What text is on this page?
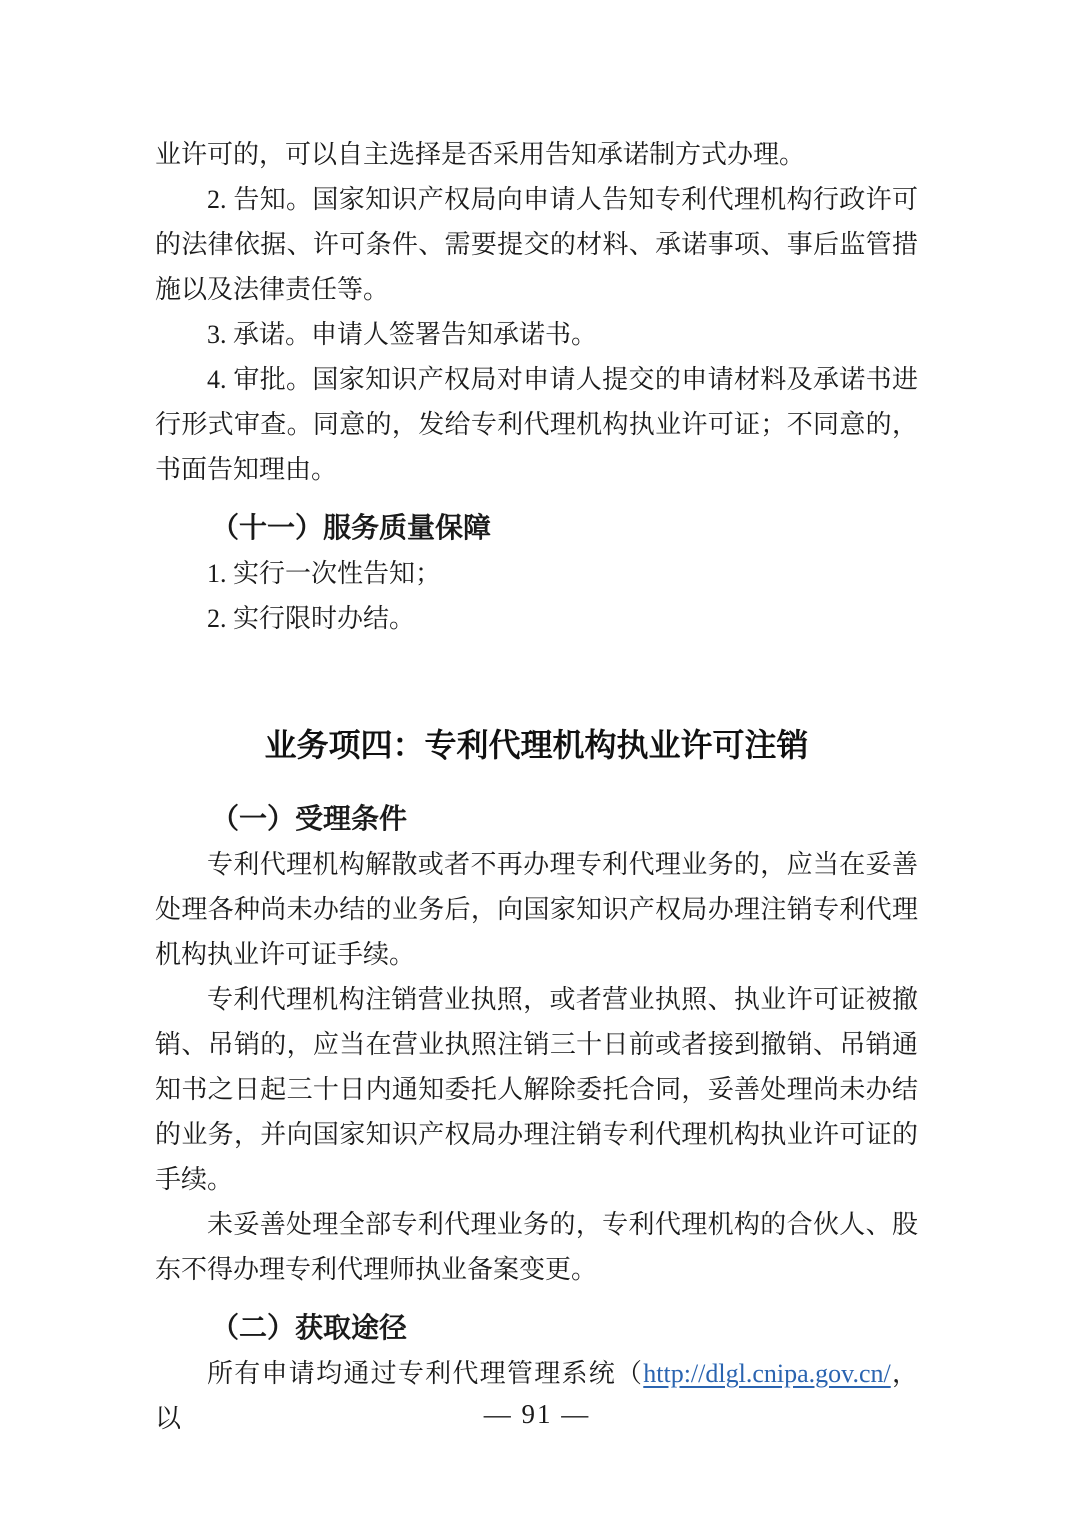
业许可的，可以自主选择是否采用告知承诺制方式办理。

2. 告知。国家知识产权局向申请人告知专利代理机构行政许可的法律依据、许可条件、需要提交的材料、承诺事项、事后监管措施以及法律责任等。

3. 承诺。申请人签署告知承诺书。

4. 审批。国家知识产权局对申请人提交的申请材料及承诺书进行形式审查。同意的，发给专利代理机构执业许可证；不同意的，书面告知理由。

（十一）服务质量保障

1. 实行一次性告知；

2. 实行限时办结。

业务项四：专利代理机构执业许可注销
（一）受理条件

专利代理机构解散或者不再办理专利代理业务的，应当在妥善处理各种尚未办结的业务后，向国家知识产权局办理注销专利代理机构执业许可证手续。

专利代理机构注销营业执照，或者营业执照、执业许可证被撤销、吊销的，应当在营业执照注销三十日前或者接到撤销、吊销通知书之日起三十日内通知委托人解除委托合同，妥善处理尚未办结的业务，并向国家知识产权局办理注销专利代理机构执业许可证的手续。

未妥善处理全部专利代理业务的，专利代理机构的合伙人、股东不得办理专利代理师执业备案变更。

（二）获取途径

所有申请均通过专利代理管理系统（http://dlgl.cnipa.gov.cn/，以	— 91 —
